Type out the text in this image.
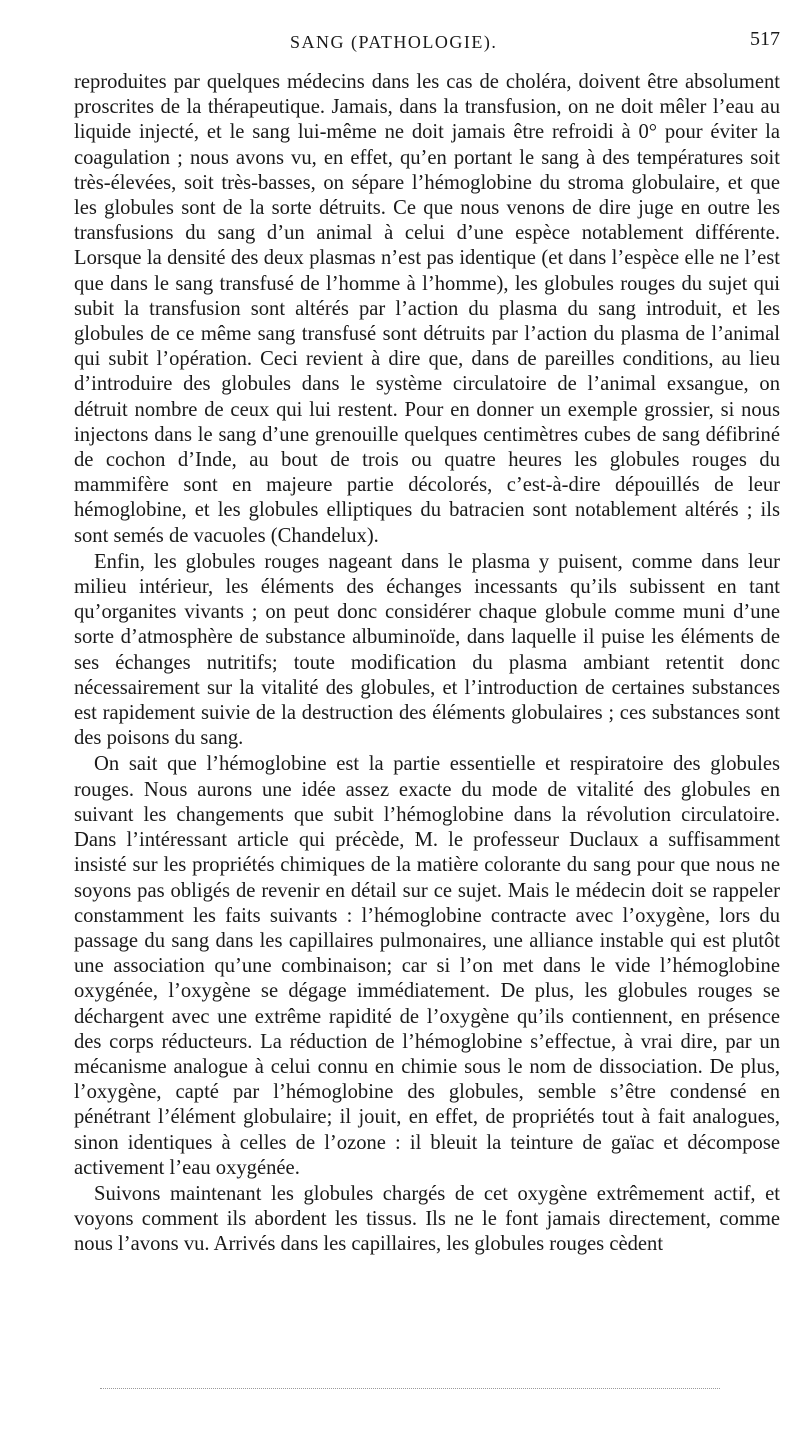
SANG (PATHOLOGIE).	517

reproduites par quelques médecins dans les cas de choléra, doivent être absolument proscrites de la thérapeutique. Jamais, dans la transfusion, on ne doit mêler l’eau au liquide injecté, et le sang lui-même ne doit jamais être refroidi à 0° pour éviter la coagulation ; nous avons vu, en effet, qu’en portant le sang à des températures soit très-élevées, soit très-basses, on sépare l’hémoglobine du stroma globulaire, et que les globules sont de la sorte détruits. Ce que nous venons de dire juge en outre les transfusions du sang d’un animal à celui d’une espèce notablement différente. Lorsque la densité des deux plasmas n’est pas identique (et dans l’espèce elle ne l’est que dans le sang transfusé de l’homme à l’homme), les globules rouges du sujet qui subit la transfusion sont altérés par l’action du plasma du sang introduit, et les globules de ce même sang transfusé sont détruits par l’action du plasma de l’animal qui subit l’opération. Ceci revient à dire que, dans de pareilles conditions, au lieu d’introduire des globules dans le système circulatoire de l’animal exsangue, on détruit nombre de ceux qui lui restent. Pour en donner un exemple grossier, si nous injectons dans le sang d’une grenouille quelques centimètres cubes de sang défibriné de cochon d’Inde, au bout de trois ou quatre heures les globules rouges du mammifère sont en majeure partie décolorés, c’est-à-dire dépouillés de leur hémoglobine, et les globules elliptiques du batracien sont notablement altérés ; ils sont semés de vacuoles (Chandelux).

Enfin, les globules rouges nageant dans le plasma y puisent, comme dans leur milieu intérieur, les éléments des échanges incessants qu’ils subissent en tant qu’organites vivants ; on peut donc considérer chaque globule comme muni d’une sorte d’atmosphère de substance albuminoïde, dans laquelle il puise les éléments de ses échanges nutritifs; toute modification du plasma ambiant retentit donc nécessairement sur la vitalité des globules, et l’introduction de certaines substances est rapidement suivie de la destruction des éléments globulaires ; ces substances sont des poisons du sang.

On sait que l’hémoglobine est la partie essentielle et respiratoire des globules rouges. Nous aurons une idée assez exacte du mode de vitalité des globules en suivant les changements que subit l’hémoglobine dans la révolution circulatoire. Dans l’intéressant article qui précède, M. le professeur Duclaux a suffisamment insisté sur les propriétés chimiques de la matière colorante du sang pour que nous ne soyons pas obligés de revenir en détail sur ce sujet. Mais le médecin doit se rappeler constamment les faits suivants : l’hémoglobine contracte avec l’oxygène, lors du passage du sang dans les capillaires pulmonaires, une alliance instable qui est plutôt une association qu’une combinaison; car si l’on met dans le vide l’hémoglobine oxygénée, l’oxygène se dégage immédiatement. De plus, les globules rouges se déchargent avec une extrême rapidité de l’oxygène qu’ils contiennent, en présence des corps réducteurs. La réduction de l’hémoglobine s’effectue, à vrai dire, par un mécanisme analogue à celui connu en chimie sous le nom de dissociation. De plus, l’oxygène, capté par l’hémoglobine des globules, semble s’être condensé en pénétrant l’élément globulaire; il jouit, en effet, de propriétés tout à fait analogues, sinon identiques à celles de l’ozone : il bleuit la teinture de gaïac et décompose activement l’eau oxygénée.

Suivons maintenant les globules chargés de cet oxygène extrêmement actif, et voyons comment ils abordent les tissus. Ils ne le font jamais directement, comme nous l’avons vu. Arrivés dans les capillaires, les globules rouges cèdent
